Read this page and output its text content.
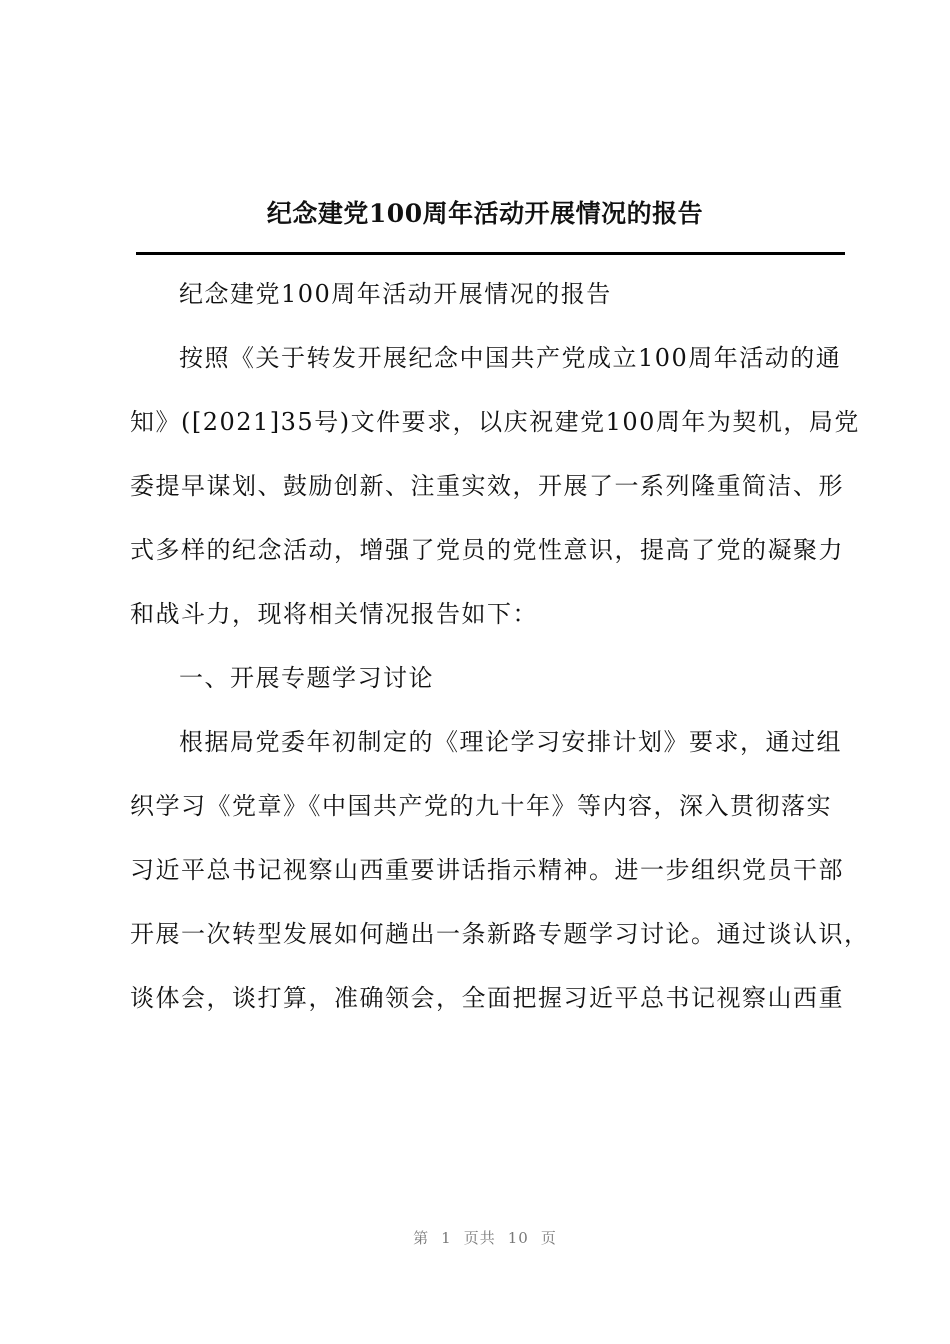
纪念建党100周年活动开展情况的报告
纪念建党100周年活动开展情况的报告
按照《关于转发开展纪念中国共产党成立100周年活动的通
知》([2021]35号)文件要求，以庆祝建党100周年为契机，局党
委提早谋划、鼓励创新、注重实效，开展了一系列隆重简洁、形
式多样的纪念活动，增强了党员的党性意识，提高了党的凝聚力
和战斗力，现将相关情况报告如下：
一、开展专题学习讨论
根据局党委年初制定的《理论学习安排计划》要求，通过组
织学习《党章》《中国共产党的九十年》等内容，深入贯彻落实
习近平总书记视察山西重要讲话指示精神。进一步组织党员干部
开展一次转型发展如何趟出一条新路专题学习讨论。通过谈认识，
谈体会，谈打算，准确领会，全面把握习近平总书记视察山西重
第 1 页共 10 页
